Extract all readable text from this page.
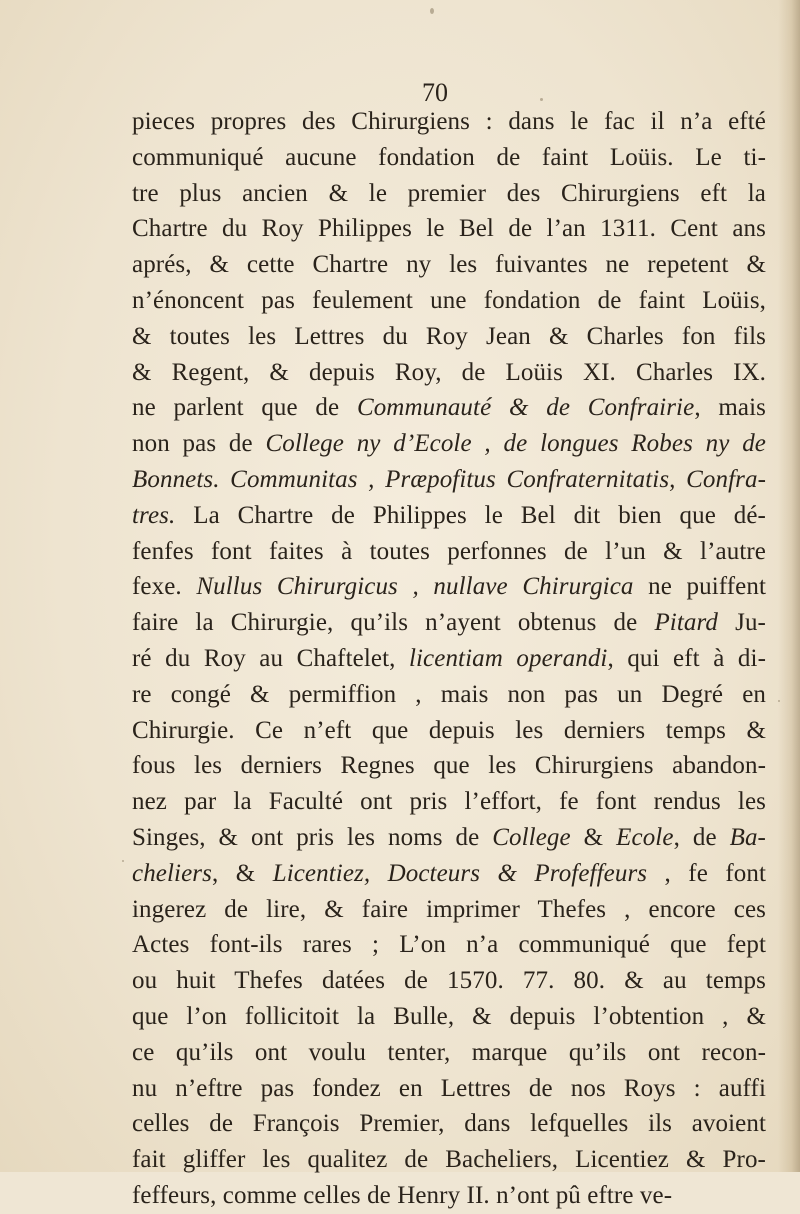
70
pieces propres des Chirurgiens : dans le fac il n’a efté
communiqué aucune fondation de faint Loüis. Le ti-
tre plus ancien & le premier des Chirurgiens eft la
Chartre du Roy Philippes le Bel de l’an 1311. Cent ans
aprés, & cette Chartre ny les fuivantes ne repetent &
n’énoncent pas feulement une fondation de faint Loüis,
& toutes les Lettres du Roy Jean & Charles fon fils
& Regent, & depuis Roy, de Loüis XI. Charles IX.
ne parlent que de Communauté & de Confrairie, mais
non pas de College ny d’Ecole , de longues Robes ny de
Bonnets. Communitas , Præpofitus Confraternitatis, Confra-
tres. La Chartre de Philippes le Bel dit bien que dé-
fenfes font faites à toutes perfonnes de l’un & l’autre
fexe. Nullus Chirurgicus , nullave Chirurgica ne puiffent
faire la Chirurgie, qu’ils n’ayent obtenus de Pitard Ju-
ré du Roy au Chaftelet, licentiam operandi, qui eft à di-
re congé & permiffion , mais non pas un Degré en
Chirurgie. Ce n’eft que depuis les derniers temps &
fous les derniers Regnes que les Chirurgiens abandon-
nez par la Faculté ont pris l’effort, fe font rendus les
Singes, & ont pris les noms de College & Ecole, de Ba-
cheliers, & Licentiez, Docteurs & Profeffeurs , fe font
ingerez de lire, & faire imprimer Thefes , encore ces
Actes font-ils rares ; L’on n’a communiqué que fept
ou huit Thefes datées de 1570. 77. 80. & au temps
que l’on follicitoit la Bulle, & depuis l’obtention , &
ce qu’ils ont voulu tenter, marque qu’ils ont recon-
nu n’eftre pas fondez en Lettres de nos Roys : auffi
celles de François Premier, dans lefquelles ils avoient
fait gliffer les qualitez de Bacheliers, Licentiez & Pro-
feffeurs, comme celles de Henry II. n’ont pû eftre ve-
